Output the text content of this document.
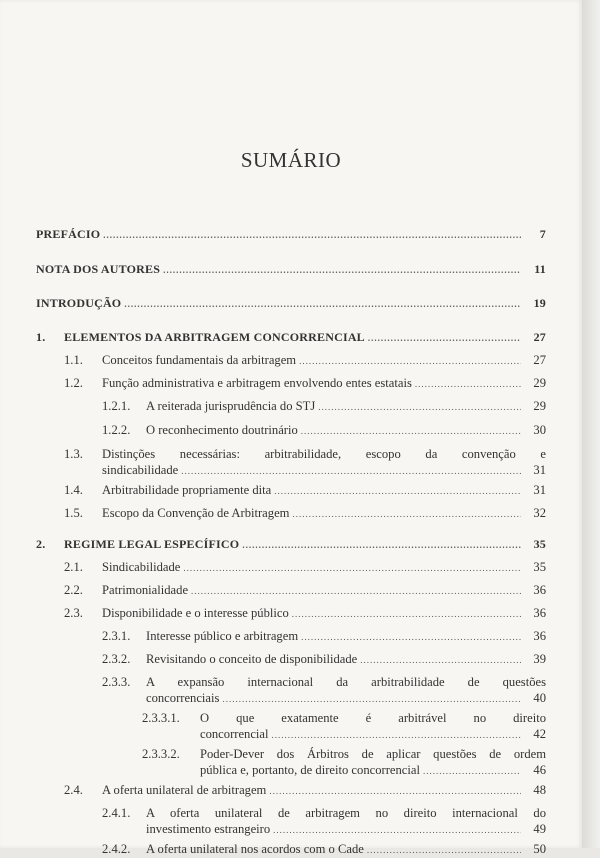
SUMÁRIO
PREFÁCIO .....	7
NOTA DOS AUTORES .....	11
INTRODUÇÃO .....	19
1. ELEMENTOS DA ARBITRAGEM CONCORRENCIAL .....	27
1.1. Conceitos fundamentais da arbitragem .....	27
1.2. Função administrativa e arbitragem envolvendo entes estatais .....	29
1.2.1. A reiterada jurisprudência do STJ .....	29
1.2.2. O reconhecimento doutrinário .....	30
1.3. Distinções necessárias: arbitrabilidade, escopo da convenção e
sindicabilidade .....	31
1.4. Arbitrabilidade propriamente dita .....	31
1.5. Escopo da Convenção de Arbitragem .....	32
2. REGIME LEGAL ESPECÍFICO .....	35
2.1. Sindicabilidade .....	35
2.2. Patrimonialidade .....	36
2.3. Disponibilidade e o interesse público .....	36
2.3.1. Interesse público e arbitragem .....	36
2.3.2. Revisitando o conceito de disponibilidade .....	39
2.3.3. A expansão internacional da arbitrabilidade de questões
concorrenciais .....	40
2.3.3.1. O que exatamente é arbitrável no direito
concorrencial .....	42
2.3.3.2. Poder-Dever dos Árbitros de aplicar questões de ordem
pública e, portanto, de direito concorrencial .....	46
2.4. A oferta unilateral de arbitragem .....	48
2.4.1. A oferta unilateral de arbitragem no direito internacional do
investimento estrangeiro .....	49
2.4.2. A oferta unilateral nos acordos com o Cade .....	50
